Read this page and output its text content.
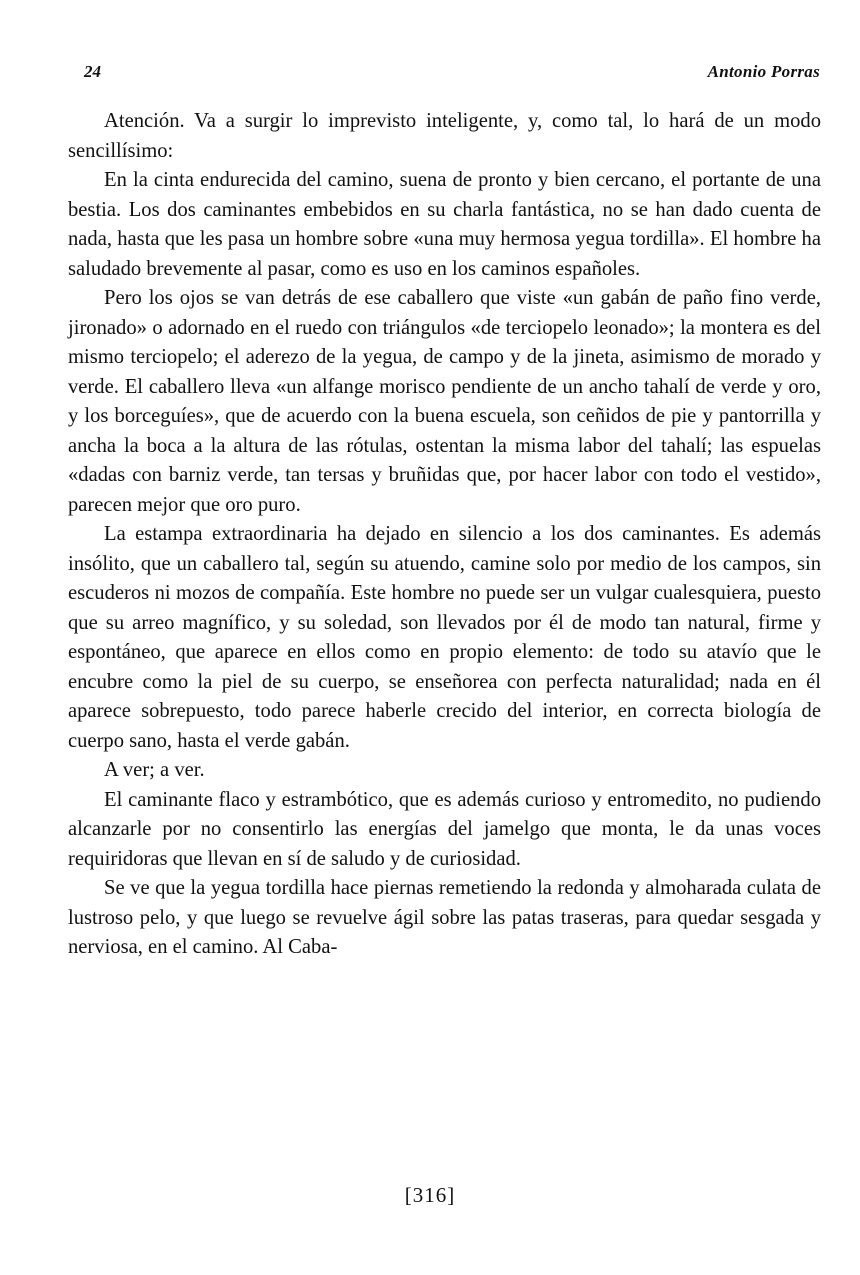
24	Antonio Porras

Atención. Va a surgir lo imprevisto inteligente, y, como tal, lo hará de un modo sencillísimo:

En la cinta endurecida del camino, suena de pronto y bien cercano, el portante de una bestia. Los dos caminantes embebidos en su charla fantástica, no se han dado cuenta de nada, hasta que les pasa un hombre sobre «una muy hermosa yegua tordilla». El hombre ha saludado brevemente al pasar, como es uso en los caminos españoles.

Pero los ojos se van detrás de ese caballero que viste «un gabán de paño fino verde, jironado» o adornado en el ruedo con triángulos «de terciopelo leonado»; la montera es del mismo terciopelo; el aderezo de la yegua, de campo y de la jineta, asimismo de morado y verde. El caballero lleva «un alfange morisco pendiente de un ancho tahalí de verde y oro, y los borceguíes», que de acuerdo con la buena escuela, son ceñidos de pie y pantorrilla y ancha la boca a la altura de las rótulas, ostentan la misma labor del tahalí; las espuelas «dadas con barniz verde, tan tersas y bruñidas que, por hacer labor con todo el vestido», parecen mejor que oro puro.

La estampa extraordinaria ha dejado en silencio a los dos caminantes. Es además insólito, que un caballero tal, según su atuendo, camine solo por medio de los campos, sin escuderos ni mozos de compañía. Este hombre no puede ser un vulgar cualesquiera, puesto que su arreo magnífico, y su soledad, son llevados por él de modo tan natural, firme y espontáneo, que aparece en ellos como en propio elemento: de todo su atavío que le encubre como la piel de su cuerpo, se enseñorea con perfecta naturalidad; nada en él aparece sobrepuesto, todo parece haberle crecido del interior, en correcta biología de cuerpo sano, hasta el verde gabán.

A ver; a ver.

El caminante flaco y estrambótico, que es además curioso y entromedito, no pudiendo alcanzarle por no consentirlo las energías del jamelgo que monta, le da unas voces requiridoras que llevan en sí de saludo y de curiosidad.

Se ve que la yegua tordilla hace piernas remetiendo la redonda y almoharada culata de lustroso pelo, y que luego se revuelve ágil sobre las patas traseras, para quedar sesgada y nerviosa, en el camino. Al Caba-

[316]
